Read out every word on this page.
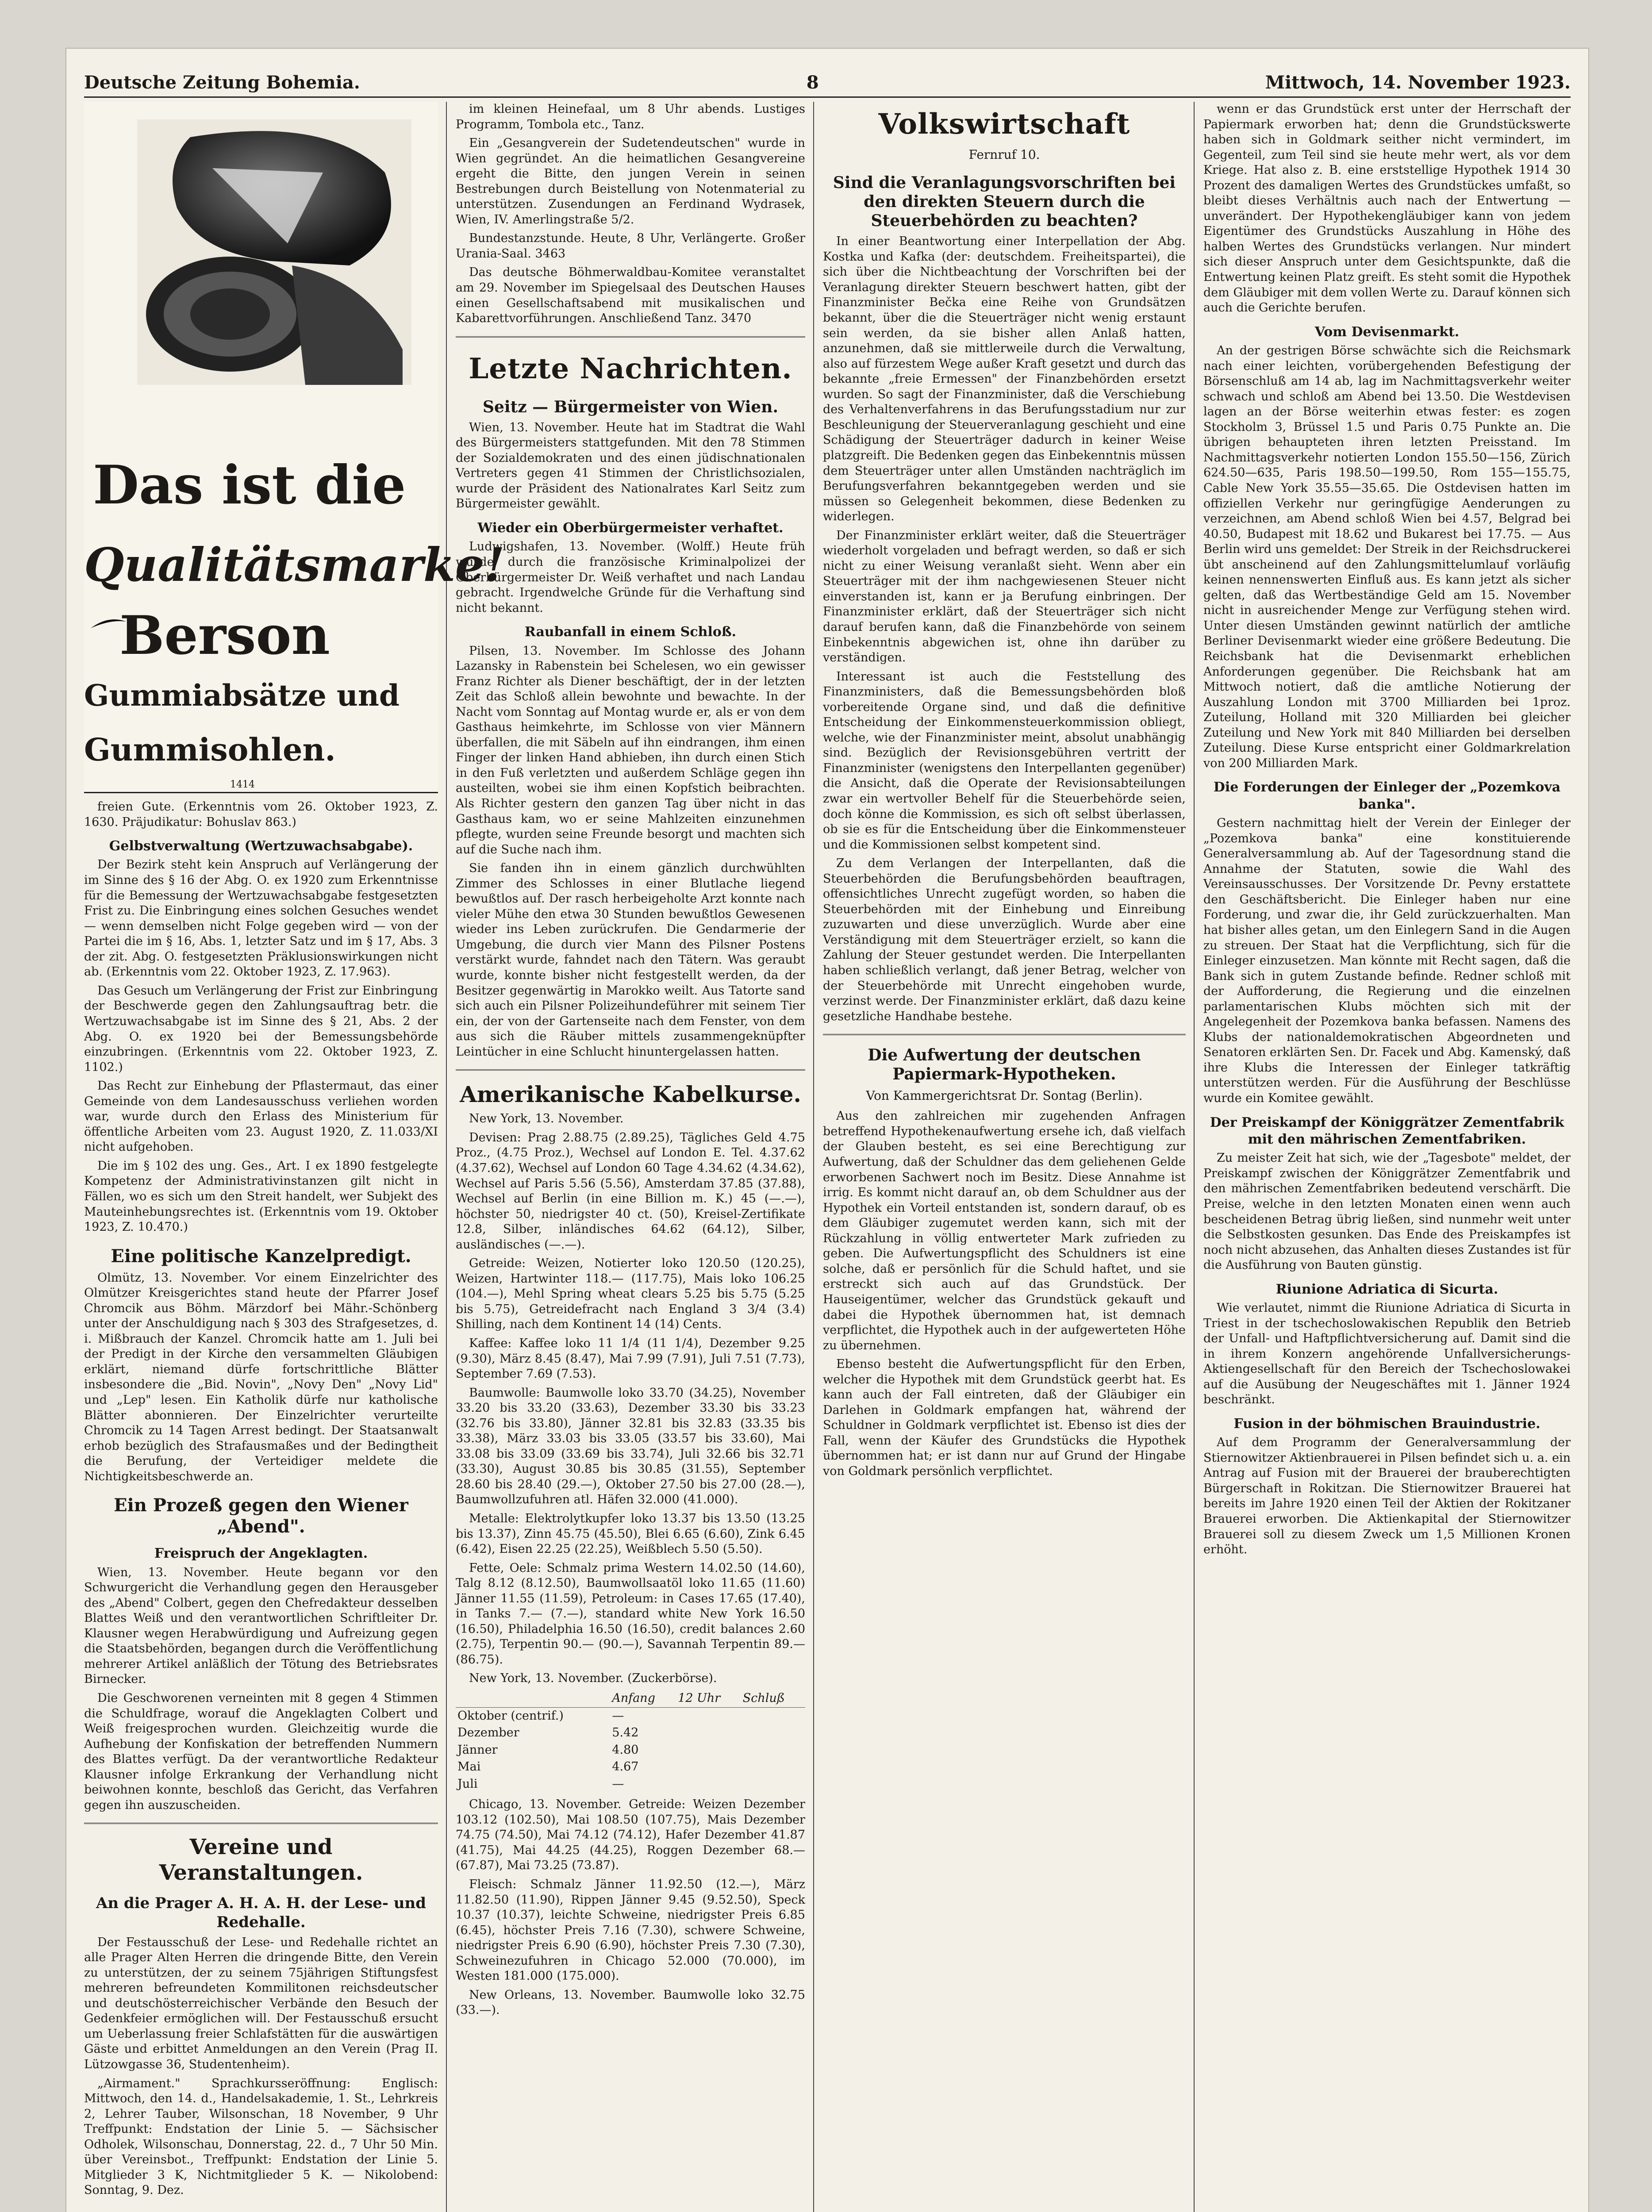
Deutsche Zeitung Bohemia.	8	Mittwoch, 14. November 1923.
Das ist die
Qualitätsmarke!
Berson
Gummiabsätze und
Gummisohlen.
1414

freien Gute. (Erkenntnis vom 26. Oktober 1923, Z. 1630. Präjudikatur: Bohuslav 863.)

Gelbstverwaltung (Wertzuwachsabgabe).

Der Bezirk steht kein Anspruch auf Verlängerung der im Sinne des § 16 der Abg. O. ex 1920 zum Erkenntnisse für die Bemessung der Wertzuwachsabgabe festgesetzten Frist zu. Die Einbringung eines solchen Gesuches wendet — wenn demselben nicht Folge gegeben wird — von der Partei die im § 16, Abs. 1, letzter Satz und im § 17, Abs. 3 der zit. Abg. O. festgesetzten Präklusionswirkungen nicht ab. (Erkenntnis vom 22. Oktober 1923, Z. 17.963).

Das Gesuch um Verlängerung der Frist zur Einbringung der Beschwerde gegen den Zahlungsauftrag betr. die Wertzuwachsabgabe ist im Sinne des § 21, Abs. 2 der Abg. O. ex 1920 bei der Bemessungsbehörde einzubringen. (Erkenntnis vom 22. Oktober 1923, Z. 1102.)

Das Recht zur Einhebung der Pflastermaut, das einer Gemeinde von dem Landesausschuss verliehen worden war, wurde durch den Erlass des Ministerium für öffentliche Arbeiten vom 23. August 1920, Z. 11.033/XI nicht aufgehoben.

Die im § 102 des ung. Ges., Art. I ex 1890 festgelegte Kompetenz der Administrativinstanzen gilt nicht in Fällen, wo es sich um den Streit handelt, wer Subjekt des Mauteinhebungsrechtes ist. (Erkenntnis vom 19. Oktober 1923, Z. 10.470.)

Eine politische Kanzelpredigt.

Olmütz, 13. November. Vor einem Einzelrichter des Olmützer Kreisgerichtes stand heute der Pfarrer Josef Chromcik aus Böhm. Märzdorf bei Mähr.-Schönberg unter der Anschuldigung nach § 303 des Strafgesetzes, d. i. Mißbrauch der Kanzel. Chromcik hatte am 1. Juli bei der Predigt in der Kirche den versammelten Gläubigen erklärt, niemand dürfe fortschrittliche Blätter insbesondere die „Bid. Novin", „Novy Den" „Novy Lid" und „Lep" lesen. Ein Katholik dürfe nur katholische Blätter abonnieren. Der Einzelrichter verurteilte Chromcik zu 14 Tagen Arrest bedingt. Der Staatsanwalt erhob bezüglich des Strafausmaßes und der Bedingtheit die Berufung, der Verteidiger meldete die Nichtigkeitsbeschwerde an.

Ein Prozeß gegen den Wiener „Abend".
Freispruch der Angeklagten.

Wien, 13. November. Heute begann vor den Schwurgericht die Verhandlung gegen den Herausgeber des „Abend" Colbert, gegen den Chefredakteur desselben Blattes Weiß und den verantwortlichen Schriftleiter Dr. Klausner wegen Herabwürdigung und Aufreizung gegen die Staatsbehörden, begangen durch die Veröffentlichung mehrerer Artikel anläßlich der Tötung des Betriebsrates Birnecker.

Die Geschworenen verneinten mit 8 gegen 4 Stimmen die Schuldfrage, worauf die Angeklagten Colbert und Weiß freigesprochen wurden. Gleichzeitig wurde die Aufhebung der Konfiskation der betreffenden Nummern des Blattes verfügt. Da der verantwortliche Redakteur Klausner infolge Erkrankung der Verhandlung nicht beiwohnen konnte, beschloß das Gericht, das Verfahren gegen ihn auszuscheiden.

Vereine und Veranstaltungen.
An die Prager A. H. A. H. der Lese- und Redehalle.

Der Festausschuß der Lese- und Redehalle richtet an alle Prager Alten Herren die dringende Bitte, den Verein zu unterstützen, der zu seinem 75jährigen Stiftungsfest mehreren befreundeten Kommilitonen reichsdeutscher und deutschösterreichischer Verbände den Besuch der Gedenkfeier ermöglichen will. Der Festausschuß ersucht um Ueberlassung freier Schlafstätten für die auswärtigen Gäste und erbittet Anmeldungen an den Verein (Prag II. Lützowgasse 36, Studentenheim).

„Airmament." Sprachkursseröffnung: Englisch: Mittwoch, den 14. d., Handelsakademie, 1. St., Lehrkreis 2, Lehrer Tauber, Wilsonschan, 18 November, 9 Uhr Treffpunkt: Endstation der Linie 5. — Sächsischer Odholek, Wilsonschau, Donnerstag, 22. d., 7 Uhr 50 Min. über Vereinsbot., Treffpunkt: Endstation der Linie 5. Mitglieder 3 K, Nichtmitglieder 5 K. — Nikolobend: Sonntag, 9. Dez.

im kleinen Heinefaal, um 8 Uhr abends. Lustiges Programm, Tombola etc., Tanz.

Ein „Gesangverein der Sudetendeutschen" wurde in Wien gegründet. An die heimatlichen Gesangvereine ergeht die Bitte, den jungen Verein in seinen Bestrebungen durch Beistellung von Notenmaterial zu unterstützen. Zusendungen an Ferdinand Wydrasek, Wien, IV. Amerlingstraße 5/2.

Bundestanzstunde. Heute, 8 Uhr, Verlängerte. Großer Urania-Saal. 3463

Das deutsche Böhmerwaldbau-Komitee veranstaltet am 29. November im Spiegelsaal des Deutschen Hauses einen Gesellschaftsabend mit musikalischen und Kabarettvorführungen. Anschließend Tanz. 3470

Letzte Nachrichten.
Seitz — Bürgermeister von Wien.

Wien, 13. November. Heute hat im Stadtrat die Wahl des Bürgermeisters stattgefunden. Mit den 78 Stimmen der Sozialdemokraten und des einen jüdischnationalen Vertreters gegen 41 Stimmen der Christlichsozialen, wurde der Präsident des Nationalrates Karl Seitz zum Bürgermeister gewählt.

Wieder ein Oberbürgermeister verhaftet.

Ludwigshafen, 13. November. (Wolff.) Heute früh wurde durch die französische Kriminalpolizei der Oberbürgermeister Dr. Weiß verhaftet und nach Landau gebracht. Irgendwelche Gründe für die Verhaftung sind nicht bekannt.

Raubanfall in einem Schloß.

Pilsen, 13. November. Im Schlosse des Johann Lazansky in Rabenstein bei Schelesen, wo ein gewisser Franz Richter als Diener beschäftigt, der in der letzten Zeit das Schloß allein bewohnte und bewachte. In der Nacht vom Sonntag auf Montag wurde er, als er von dem Gasthaus heimkehrte, im Schlosse von vier Männern überfallen, die mit Säbeln auf ihn eindrangen, ihm einen Finger der linken Hand abhieben, ihn durch einen Stich in den Fuß verletzten und außerdem Schläge gegen ihn austeilten, wobei sie ihm einen Kopfstich beibrachten. Als Richter gestern den ganzen Tag über nicht in das Gasthaus kam, wo er seine Mahlzeiten einzunehmen pflegte, wurden seine Freunde besorgt und machten sich auf die Suche nach ihm.

Sie fanden ihn in einem gänzlich durchwühlten Zimmer des Schlosses in einer Blutlache liegend bewußtlos auf. Der rasch herbeigeholte Arzt konnte nach vieler Mühe den etwa 30 Stunden bewußtlos Gewesenen wieder ins Leben zurückrufen. Die Gendarmerie der Umgebung, die durch vier Mann des Pilsner Postens verstärkt wurde, fahndet nach den Tätern. Was geraubt wurde, konnte bisher nicht festgestellt werden, da der Besitzer gegenwärtig in Marokko weilt. Aus Tatorte sand sich auch ein Pilsner Polizeihundeführer mit seinem Tier ein, der von der Gartenseite nach dem Fenster, von dem aus sich die Räuber mittels zusammengeknüpfter Leintücher in eine Schlucht hinuntergelassen hatten.

Amerikanische Kabelkurse.

New York, 13. November.

Devisen: Prag 2.88.75 (2.89.25), Tägliches Geld 4.75 Proz., (4.75 Proz.), Wechsel auf London E. Tel. 4.37.62 (4.37.62), Wechsel auf London 60 Tage 4.34.62 (4.34.62), Wechsel auf Paris 5.56 (5.56), Amsterdam 37.85 (37.88), Wechsel auf Berlin (in eine Billion m. K.) 45 (—.—), höchster 50, niedrigster 40 ct. (50), Kreisel-Zertifikate 12.8, Silber, inländisches 64.62 (64.12), Silber, ausländisches (—.—).

Getreide: Weizen, Notierter loko 120.50 (120.25), Weizen, Hartwinter 118.— (117.75), Mais loko 106.25 (104.—), Mehl Spring wheat clears 5.25 bis 5.75 (5.25 bis 5.75), Getreidefracht nach England 3 3/4 (3.4) Shilling, nach dem Kontinent 14 (14) Cents.

Kaffee: Kaffee loko 11 1/4 (11 1/4), Dezember 9.25 (9.30), März 8.45 (8.47), Mai 7.99 (7.91), Juli 7.51 (7.73), September 7.69 (7.53).

Baumwolle: Baumwolle loko 33.70 (34.25), November 33.20 bis 33.20 (33.63), Dezember 33.30 bis 33.23 (32.76 bis 33.80), Jänner 32.81 bis 32.83 (33.35 bis 33.38), März 33.03 bis 33.05 (33.57 bis 33.60), Mai 33.08 bis 33.09 (33.69 bis 33.74), Juli 32.66 bis 32.71 (33.30), August 30.85 bis 30.85 (31.55), September 28.60 bis 28.40 (29.—), Oktober 27.50 bis 27.00 (28.—), Baumwollzufuhren atl. Häfen 32.000 (41.000).

Metalle: Elektrolytkupfer loko 13.37 bis 13.50 (13.25 bis 13.37), Zinn 45.75 (45.50), Blei 6.65 (6.60), Zink 6.45 (6.42), Eisen 22.25 (22.25), Weißblech 5.50 (5.50).

Fette, Oele: Schmalz prima Western 14.02.50 (14.60), Talg 8.12 (8.12.50), Baumwollsaatöl loko 11.65 (11.60) Jänner 11.55 (11.59), Petroleum: in Cases 17.65 (17.40), in Tanks 7.— (7.—), standard white New York 16.50 (16.50), Philadelphia 16.50 (16.50), credit balances 2.60 (2.75), Terpentin 90.— (90.—), Savannah Terpentin 89.— (86.75).

New York, 13. November. (Zuckerbörse).

	Anfang	12 Uhr	Schluß
Oktober (centrif.)	—		
Dezember	5.42		
Jänner	4.80		
Mai	4.67		
Juli	—		

Chicago, 13. November. Getreide: Weizen Dezember 103.12 (102.50), Mai 108.50 (107.75), Mais Dezember 74.75 (74.50), Mai 74.12 (74.12), Hafer Dezember 41.87 (41.75), Mai 44.25 (44.25), Roggen Dezember 68.— (67.87), Mai 73.25 (73.87).

Fleisch: Schmalz Jänner 11.92.50 (12.—), März 11.82.50 (11.90), Rippen Jänner 9.45 (9.52.50), Speck 10.37 (10.37), leichte Schweine, niedrigster Preis 6.85 (6.45), höchster Preis 7.16 (7.30), schwere Schweine, niedrigster Preis 6.90 (6.90), höchster Preis 7.30 (7.30), Schweinezufuhren in Chicago 52.000 (70.000), im Westen 181.000 (175.000).

New Orleans, 13. November. Baumwolle loko 32.75 (33.—).

Volkswirtschaft
Fernruf 10.
Sind die Veranlagungsvorschriften bei den direkten Steuern durch die Steuerbehörden zu beachten?

In einer Beantwortung einer Interpellation der Abg. Kostka und Kafka (der: deutschdem. Freiheitspartei), die sich über die Nichtbeachtung der Vorschriften bei der Veranlagung direkter Steuern beschwert hatten, gibt der Finanzminister Bečka eine Reihe von Grundsätzen bekannt, über die die Steuerträger nicht wenig erstaunt sein werden, da sie bisher allen Anlaß hatten, anzunehmen, daß sie mittlerweile durch die Verwaltung, also auf fürzestem Wege außer Kraft gesetzt und durch das bekannte „freie Ermessen" der Finanzbehörden ersetzt wurden. So sagt der Finanzminister, daß die Verschiebung des Verhaltenverfahrens in das Berufungsstadium nur zur Beschleunigung der Steuerveranlagung geschieht und eine Schädigung der Steuerträger dadurch in keiner Weise platzgreift. Die Bedenken gegen das Einbekenntnis müssen dem Steuerträger unter allen Umständen nachträglich im Berufungsverfahren bekanntgegeben werden und sie müssen so Gelegenheit bekommen, diese Bedenken zu widerlegen.

Der Finanzminister erklärt weiter, daß die Steuerträger wiederholt vorgeladen und befragt werden, so daß er sich nicht zu einer Weisung veranlaßt sieht. Wenn aber ein Steuerträger mit der ihm nachgewiesenen Steuer nicht einverstanden ist, kann er ja Berufung einbringen. Der Finanzminister erklärt, daß der Steuerträger sich nicht darauf berufen kann, daß die Finanzbehörde von seinem Einbekenntnis abgewichen ist, ohne ihn darüber zu verständigen.

Interessant ist auch die Feststellung des Finanzministers, daß die Bemessungsbehörden bloß vorbereitende Organe sind, und daß die definitive Entscheidung der Einkommensteuerkommission obliegt, welche, wie der Finanzminister meint, absolut unabhängig sind. Bezüglich der Revisionsgebühren vertritt der Finanzminister (wenigstens den Interpellanten gegenüber) die Ansicht, daß die Operate der Revisionsabteilungen zwar ein wertvoller Behelf für die Steuerbehörde seien, doch könne die Kommission, es sich oft selbst überlassen, ob sie es für die Entscheidung über die Einkommensteuer und die Kommissionen selbst kompetent sind.

Zu dem Verlangen der Interpellanten, daß die Steuerbehörden die Berufungsbehörden beauftragen, offensichtliches Unrecht zugefügt worden, so haben die Steuerbehörden mit der Einhebung und Einreibung zuzuwarten und diese unverzüglich. Wurde aber eine Verständigung mit dem Steuerträger erzielt, so kann die Zahlung der Steuer gestundet werden. Die Interpellanten haben schließlich verlangt, daß jener Betrag, welcher von der Steuerbehörde mit Unrecht eingehoben wurde, verzinst werde. Der Finanzminister erklärt, daß dazu keine gesetzliche Handhabe bestehe.

Die Aufwertung der deutschen Papiermark-Hypotheken.
Von Kammergerichtsrat Dr. Sontag (Berlin).

Aus den zahlreichen mir zugehenden Anfragen betreffend Hypothekenaufwertung ersehe ich, daß vielfach der Glauben besteht, es sei eine Berechtigung zur Aufwertung, daß der Schuldner das dem geliehenen Gelde erworbenen Sachwert noch im Besitz. Diese Annahme ist irrig. Es kommt nicht darauf an, ob dem Schuldner aus der Hypothek ein Vorteil entstanden ist, sondern darauf, ob es dem Gläubiger zugemutet werden kann, sich mit der Rückzahlung in völlig entwerteter Mark zufrieden zu geben. Die Aufwertungspflicht des Schuldners ist eine solche, daß er persönlich für die Schuld haftet, und sie erstreckt sich auch auf das Grundstück. Der Hauseigentümer, welcher das Grundstück gekauft und dabei die Hypothek übernommen hat, ist demnach verpflichtet, die Hypothek auch in der aufgewerteten Höhe zu übernehmen.

Ebenso besteht die Aufwertungspflicht für den Erben, welcher die Hypothek mit dem Grundstück geerbt hat. Es kann auch der Fall eintreten, daß der Gläubiger ein Darlehen in Goldmark empfangen hat, während der Schuldner in Goldmark verpflichtet ist. Ebenso ist dies der Fall, wenn der Käufer des Grundstücks die Hypothek übernommen hat; er ist dann nur auf Grund der Hingabe von Goldmark persönlich verpflichtet.

wenn er das Grundstück erst unter der Herrschaft der Papiermark erworben hat; denn die Grundstückswerte haben sich in Goldmark seither nicht vermindert, im Gegenteil, zum Teil sind sie heute mehr wert, als vor dem Kriege. Hat also z. B. eine erststellige Hypothek 1914 30 Prozent des damaligen Wertes des Grundstückes umfaßt, so bleibt dieses Verhältnis auch nach der Entwertung — unverändert. Der Hypothekengläubiger kann von jedem Eigentümer des Grundstücks Auszahlung in Höhe des halben Wertes des Grundstücks verlangen. Nur mindert sich dieser Anspruch unter dem Gesichtspunkte, daß die Entwertung keinen Platz greift. Es steht somit die Hypothek dem Gläubiger mit dem vollen Werte zu. Darauf können sich auch die Gerichte berufen.

Vom Devisenmarkt.

An der gestrigen Börse schwächte sich die Reichsmark nach einer leichten, vorübergehenden Befestigung der Börsenschluß am 14 ab, lag im Nachmittagsverkehr weiter schwach und schloß am Abend bei 13.50. Die Westdevisen lagen an der Börse weiterhin etwas fester: es zogen Stockholm 3, Brüssel 1.5 und Paris 0.75 Punkte an. Die übrigen behaupteten ihren letzten Preisstand. Im Nachmittagsverkehr notierten London 155.50—156, Zürich 624.50—635, Paris 198.50—199.50, Rom 155—155.75, Cable New York 35.55—35.65. Die Ostdevisen hatten im offiziellen Verkehr nur geringfügige Aenderungen zu verzeichnen, am Abend schloß Wien bei 4.57, Belgrad bei 40.50, Budapest mit 18.62 und Bukarest bei 17.75. — Aus Berlin wird uns gemeldet: Der Streik in der Reichsdruckerei übt anscheinend auf den Zahlungsmittelumlauf vorläufig keinen nennenswerten Einfluß aus. Es kann jetzt als sicher gelten, daß das Wertbeständige Geld am 15. November nicht in ausreichender Menge zur Verfügung stehen wird. Unter diesen Umständen gewinnt natürlich der amtliche Berliner Devisenmarkt wieder eine größere Bedeutung. Die Reichsbank hat die Devisenmarkt erheblichen Anforderungen gegenüber. Die Reichsbank hat am Mittwoch notiert, daß die amtliche Notierung der Auszahlung London mit 3700 Milliarden bei 1proz. Zuteilung, Holland mit 320 Milliarden bei gleicher Zuteilung und New York mit 840 Milliarden bei derselben Zuteilung. Diese Kurse entspricht einer Goldmarkrelation von 200 Milliarden Mark.

Die Forderungen der Einleger der „Pozemkova banka".

Gestern nachmittag hielt der Verein der Einleger der „Pozemkova banka" eine konstituierende Generalversammlung ab. Auf der Tagesordnung stand die Annahme der Statuten, sowie die Wahl des Vereinsausschusses. Der Vorsitzende Dr. Pevny erstattete den Geschäftsbericht. Die Einleger haben nur eine Forderung, und zwar die, ihr Geld zurückzuerhalten. Man hat bisher alles getan, um den Einlegern Sand in die Augen zu streuen. Der Staat hat die Verpflichtung, sich für die Einleger einzusetzen. Man könnte mit Recht sagen, daß die Bank sich in gutem Zustande befinde. Redner schloß mit der Aufforderung, die Regierung und die einzelnen parlamentarischen Klubs möchten sich mit der Angelegenheit der Pozemkova banka befassen. Namens des Klubs der nationaldemokratischen Abgeordneten und Senatoren erklärten Sen. Dr. Facek und Abg. Kamenský, daß ihre Klubs die Interessen der Einleger tatkräftig unterstützen werden. Für die Ausführung der Beschlüsse wurde ein Komitee gewählt.

Der Preiskampf der Königgrätzer Zementfabrik mit den mährischen Zementfabriken.

Zu meister Zeit hat sich, wie der „Tagesbote" meldet, der Preiskampf zwischen der Königgrätzer Zementfabrik und den mährischen Zementfabriken bedeutend verschärft. Die Preise, welche in den letzten Monaten einen wenn auch bescheidenen Betrag übrig ließen, sind nunmehr weit unter die Selbstkosten gesunken. Das Ende des Preiskampfes ist noch nicht abzusehen, das Anhalten dieses Zustandes ist für die Ausführung von Bauten günstig.

Riunione Adriatica di Sicurta.

Wie verlautet, nimmt die Riunione Adriatica di Sicurta in Triest in der tschechoslowakischen Republik den Betrieb der Unfall- und Haftpflichtversicherung auf. Damit sind die in ihrem Konzern angehörende Unfallversicherungs-Aktiengesellschaft für den Bereich der Tschechoslowakei auf die Ausübung der Neugeschäftes mit 1. Jänner 1924 beschränkt.

Fusion in der böhmischen Brauindustrie.

Auf dem Programm der Generalversammlung der Stiernowitzer Aktienbrauerei in Pilsen befindet sich u. a. ein Antrag auf Fusion mit der Brauerei der brauberechtigten Bürgerschaft in Rokitzan. Die Stiernowitzer Brauerei hat bereits im Jahre 1920 einen Teil der Aktien der Rokitzaner Brauerei erworben. Die Aktienkapital der Stiernowitzer Brauerei soll zu diesem Zweck um 1,5 Millionen Kronen erhöht.
